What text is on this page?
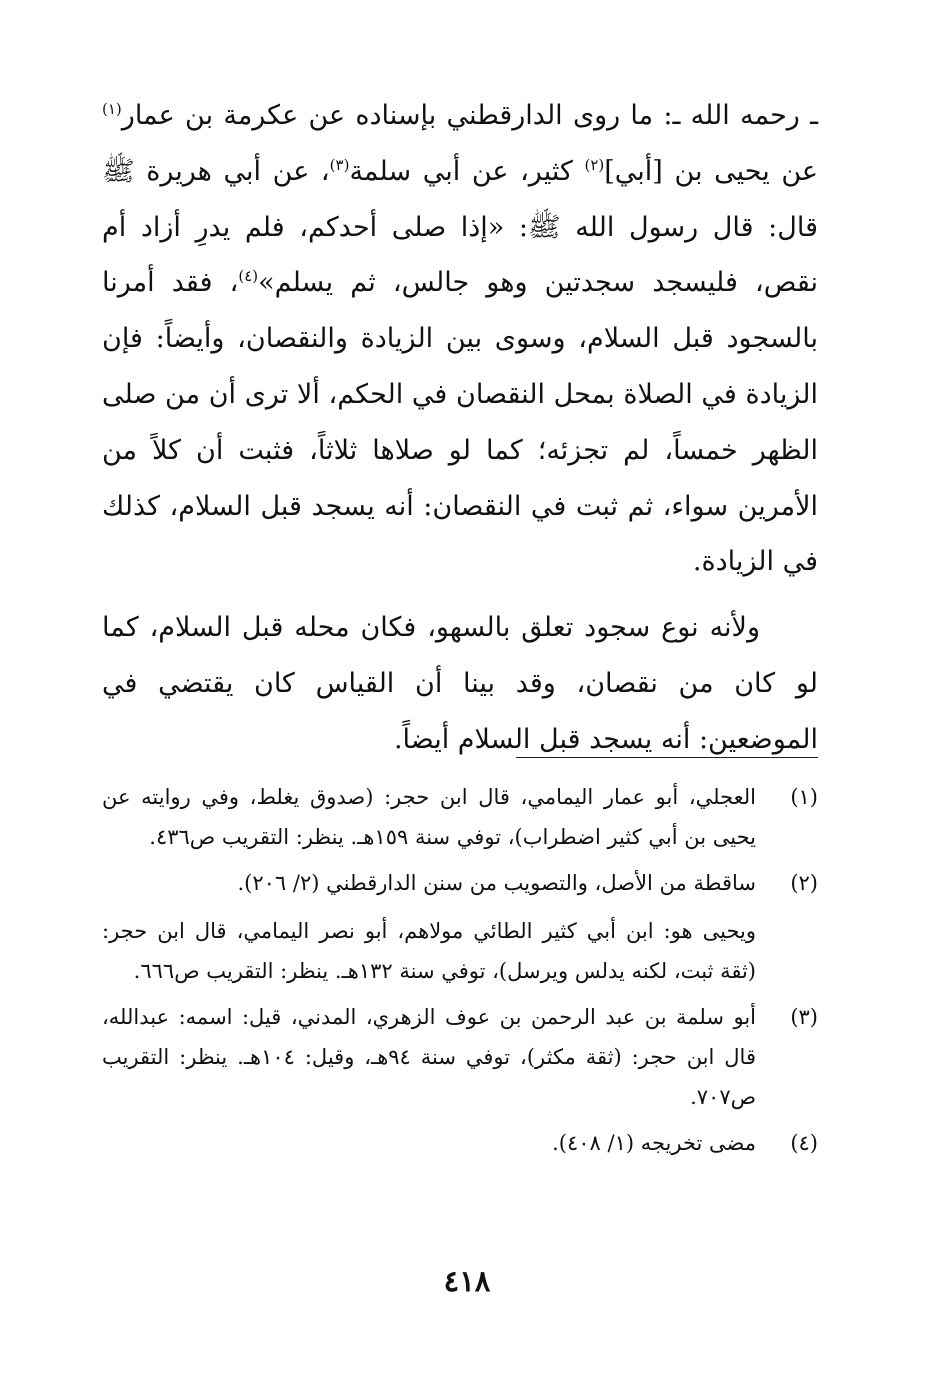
ـ رحمه الله ـ: ما روى الدارقطني بإسناده عن عكرمة بن عمار$^{(١)}$ عن يحيى بن [أبي]$^{(٢)}$ كثير، عن أبي سلمة$^{(٣)}$، عن أبي هريرة ﷺ قال: قال رسول الله ﷺ: «إذا صلى أحدكم، فلم يدرِ أزاد أم نقص، فليسجد سجدتين وهو جالس، ثم يسلم»$^{(٤)}$، فقد أمرنا بالسجود قبل السلام، وسوى بين الزيادة والنقصان، وأيضاً: فإن الزيادة في الصلاة بمحل النقصان في الحكم، ألا ترى أن من صلى الظهر خمساً، لم تجزئه؛ كما لو صلاها ثلاثاً، فثبت أن كلاً من الأمرين سواء، ثم ثبت في النقصان: أنه يسجد قبل السلام، كذلك في الزيادة.

ولأنه نوع سجود تعلق بالسهو، فكان محله قبل السلام، كما لو كان من نقصان، وقد بينا أن القياس كان يقتضي في الموضعين: أنه يسجد قبل السلام أيضاً.

(١)

العجلي، أبو عمار اليمامي، قال ابن حجر: (صدوق يغلط، وفي روايته عن يحيى بن أبي كثير اضطراب)، توفي سنة ١٥٩هـ. ينظر: التقريب ص٤٣٦.

(٢)

ساقطة من الأصل، والتصويب من سنن الدارقطني (٢/ ٢٠٦).

ويحيى هو: ابن أبي كثير الطائي مولاهم، أبو نصر اليمامي، قال ابن حجر: (ثقة ثبت، لكنه يدلس ويرسل)، توفي سنة ١٣٢هـ. ينظر: التقريب ص٦٦٦.

(٣)

أبو سلمة بن عبد الرحمن بن عوف الزهري، المدني، قيل: اسمه: عبدالله، قال ابن حجر: (ثقة مكثر)، توفي سنة ٩٤هـ، وقيل: ١٠٤هـ. ينظر: التقريب ص٧٠٧.

(٤)

مضى تخريجه (١/ ٤٠٨).

٤١٨
